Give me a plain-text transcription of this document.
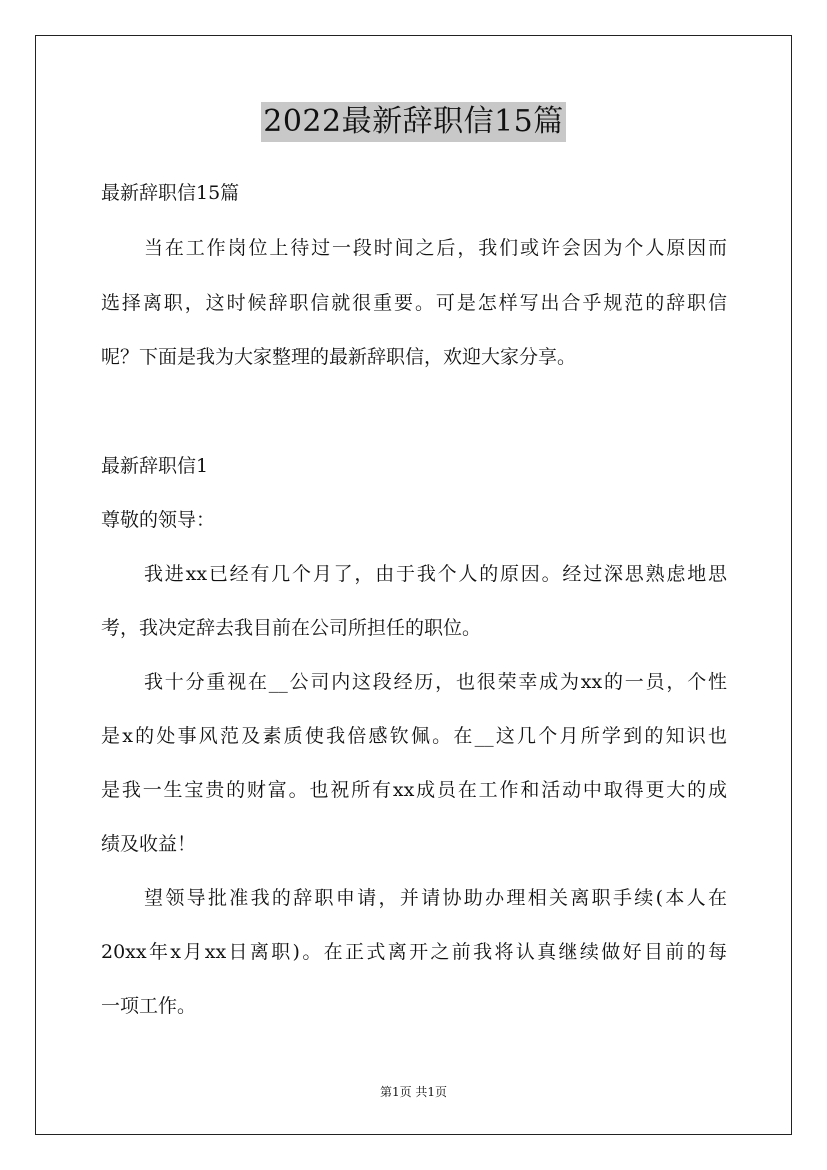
2022最新辞职信15篇
最新辞职信15篇
当在工作岗位上待过一段时间之后，我们或许会因为个人原因而
选择离职，这时候辞职信就很重要。可是怎样写出合乎规范的辞职信
呢？下面是我为大家整理的最新辞职信，欢迎大家分享。
最新辞职信1
尊敬的领导：
我进xx已经有几个月了，由于我个人的原因。经过深思熟虑地思
考，我决定辞去我目前在公司所担任的职位。
我十分重视在__公司内这段经历，也很荣幸成为xx的一员，个性
是x的处事风范及素质使我倍感钦佩。在__这几个月所学到的知识也
是我一生宝贵的财富。也祝所有xx成员在工作和活动中取得更大的成
绩及收益！
望领导批准我的辞职申请，并请协助办理相关离职手续(本人在
20xx年x月xx日离职)。在正式离开之前我将认真继续做好目前的每
一项工作。
第1页 共1页
